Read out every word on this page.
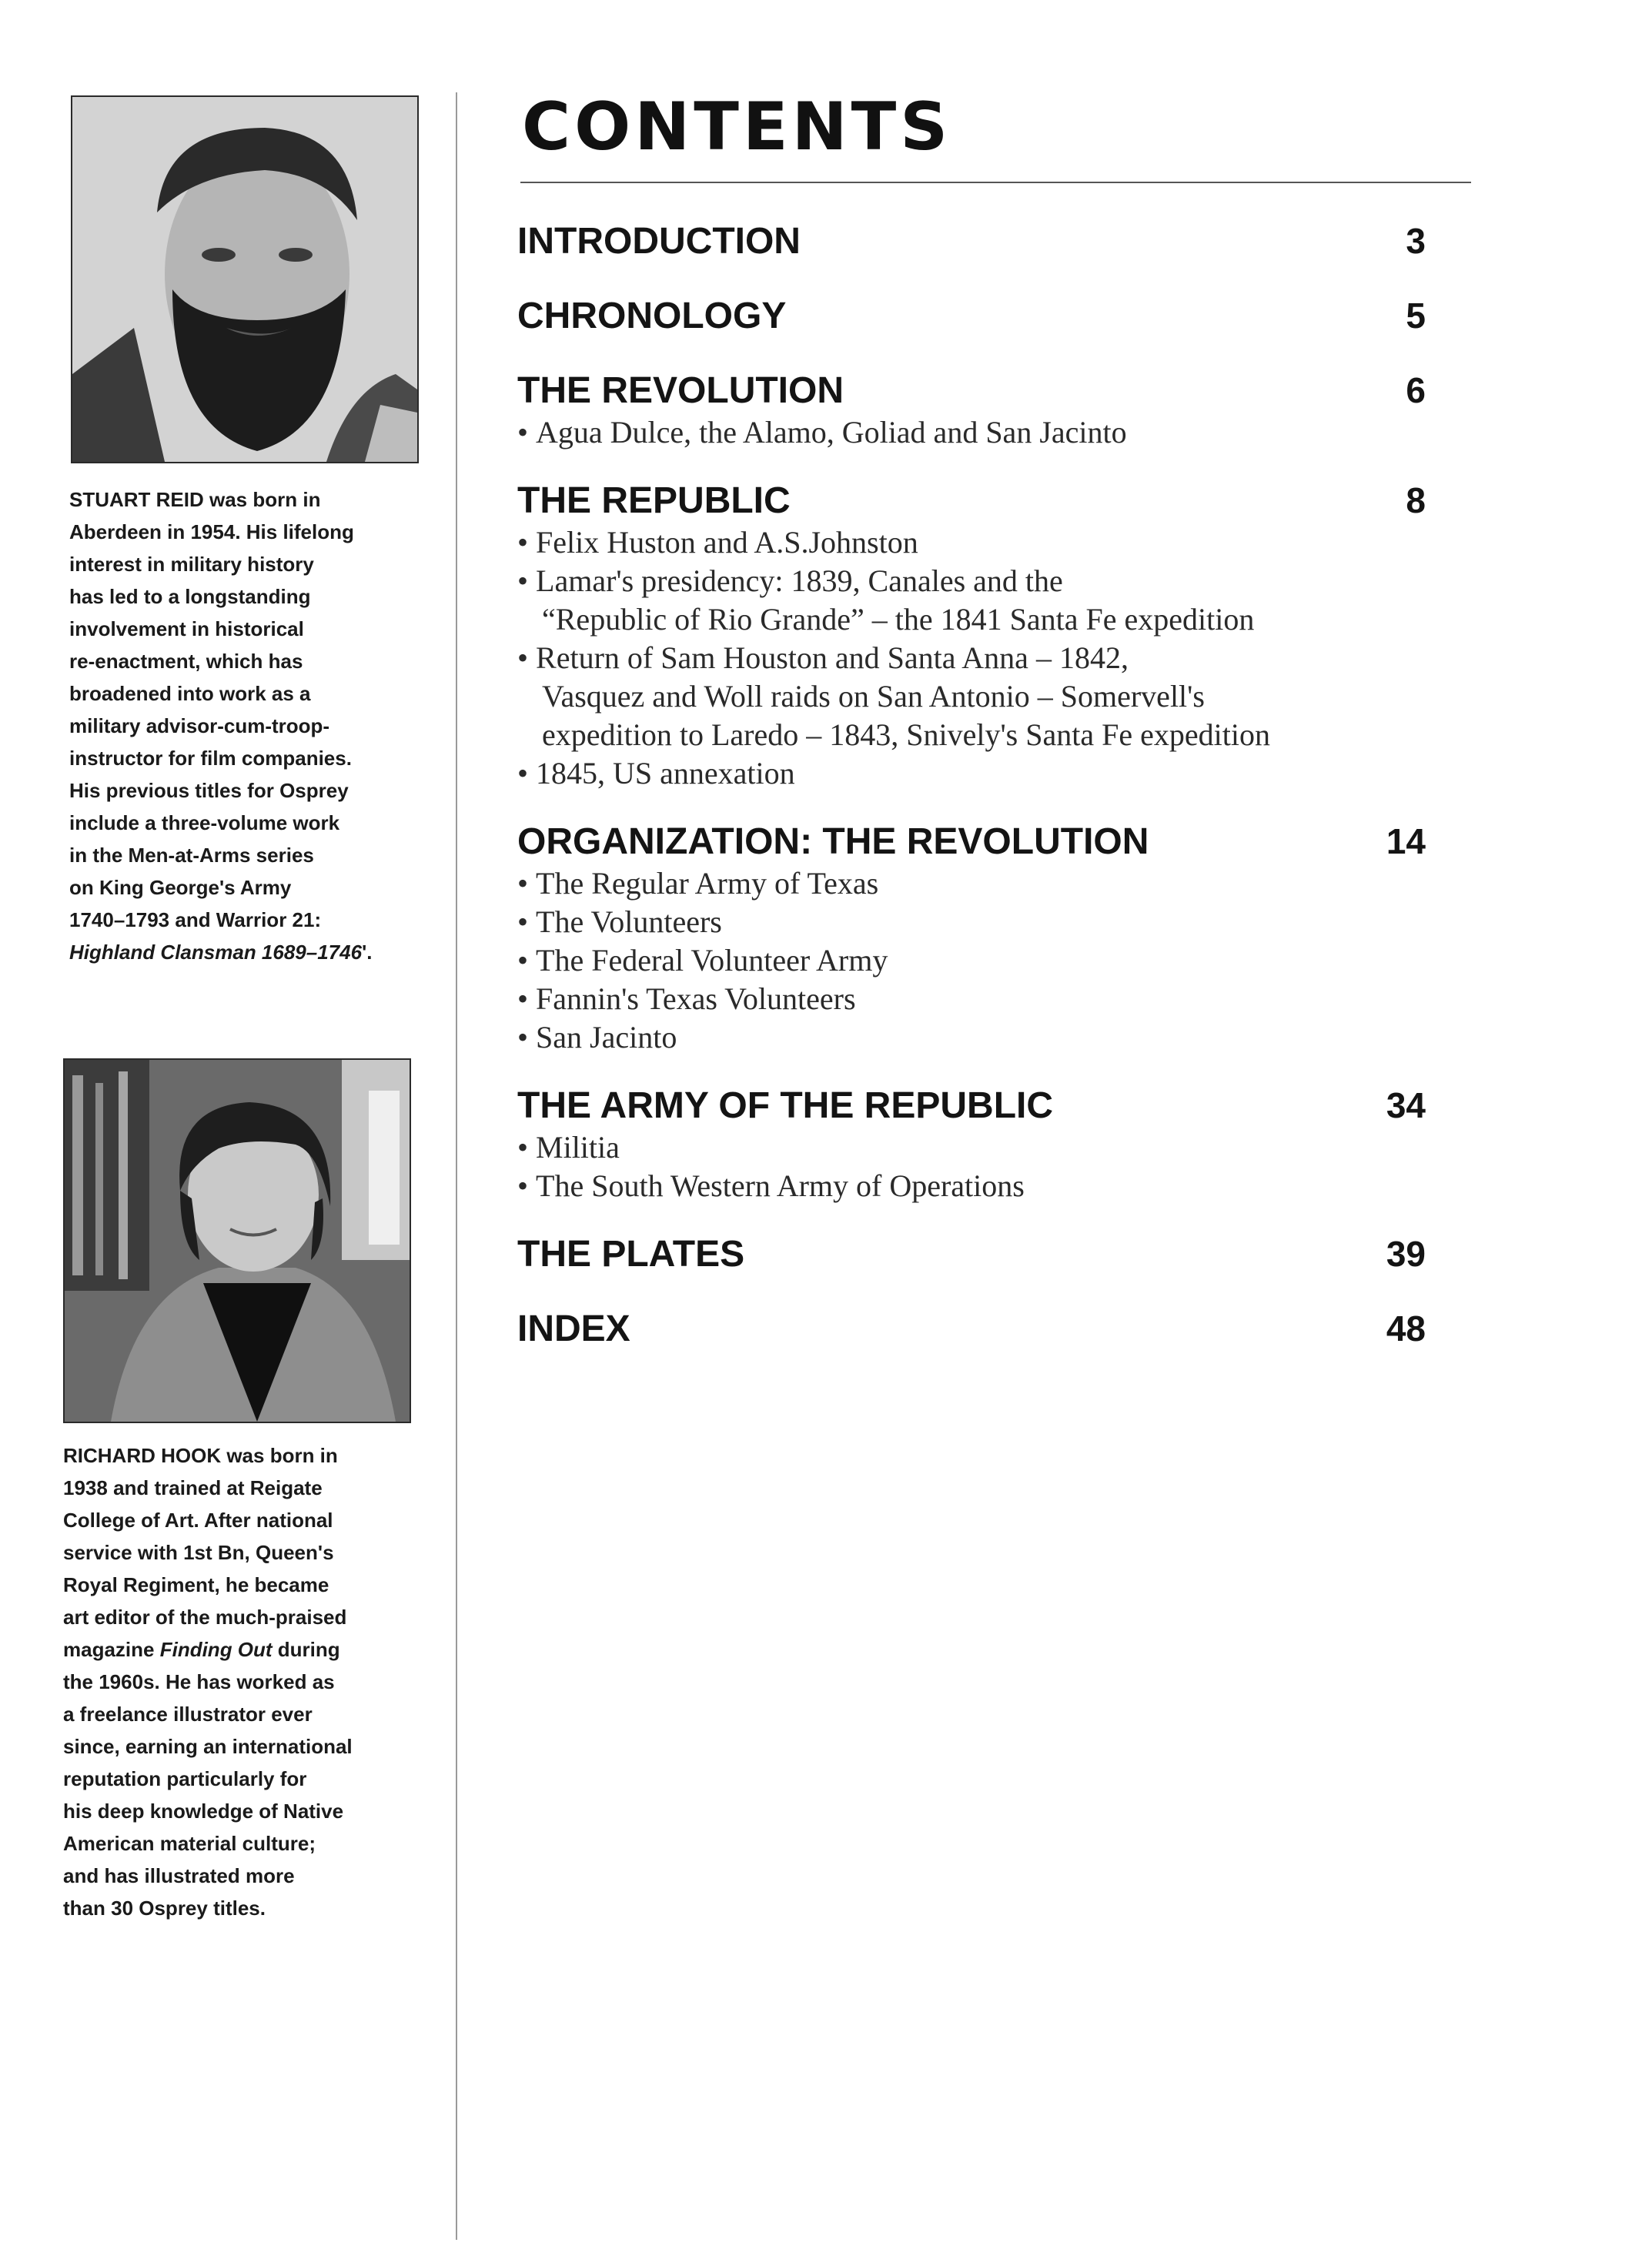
STUART REID was born in
Aberdeen in 1954. His lifelong
interest in military history
has led to a longstanding
involvement in historical
re-enactment, which has
broadened into work as a
military advisor-cum-troop-
instructor for film companies.
His previous titles for Osprey
include a three-volume work
in the Men-at-Arms series
on King George's Army
1740–1793 and Warrior 21:
Highland Clansman 1689–1746'.

RICHARD HOOK was born in
1938 and trained at Reigate
College of Art. After national
service with 1st Bn, Queen's
Royal Regiment, he became
art editor of the much-praised
magazine Finding Out during
the 1960s. He has worked as
a freelance illustrator ever
since, earning an international
reputation particularly for
his deep knowledge of Native
American material culture;
and has illustrated more
than 30 Osprey titles.

CONTENTS
INTRODUCTION	3
CHRONOLOGY	5
THE REVOLUTION	6
• Agua Dulce, the Alamo, Goliad and San Jacinto
THE REPUBLIC	8
• Felix Huston and A.S.Johnston
• Lamar's presidency: 1839, Canales and the
“Republic of Rio Grande” – the 1841 Santa Fe expedition
• Return of Sam Houston and Santa Anna – 1842,
Vasquez and Woll raids on San Antonio – Somervell's
expedition to Laredo – 1843, Snively's Santa Fe expedition
• 1845, US annexation
ORGANIZATION: THE REVOLUTION	14
• The Regular Army of Texas
• The Volunteers
• The Federal Volunteer Army
• Fannin's Texas Volunteers
• San Jacinto
THE ARMY OF THE REPUBLIC	34
• Militia
• The South Western Army of Operations
THE PLATES	39
INDEX	48
